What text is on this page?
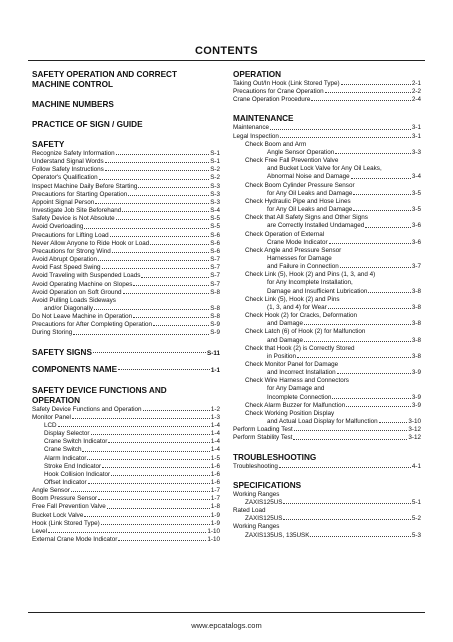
CONTENTS
SAFETY OPERATION AND CORRECT
MACHINE CONTROL
MACHINE NUMBERS
PRACTICE OF SIGN / GUIDE
SAFETY
Recognize Safety Information	S-1
Understand Signal Words	S-1
Follow Safety Instructions	S-2
Operator's Qualification	S-2
Inspect Machine Daily Before Starting	S-3
Precautions for Starting Operation	S-3
Appoint Signal Person	S-3
Investigate Job Site Beforehand	S-4
Safety Device is Not Absolute	S-5
Avoid Overloading	S-5
Precautions for Lifting Load	S-6
Never Allow Anyone to Ride Hook or Load	S-6
Precautions for Strong Wind	S-6
Avoid Abrupt Operation	S-7
Avoid Fast Speed Swing	S-7
Avoid Traveling with Suspended Loads	S-7
Avoid Operating Machine on Slopes	S-7
Avoid Operation on Soft Ground	S-8
Avoid Pulling Loads Sideways
and/or Diagonally	S-8
Do Not Leave Machine in Operation	S-8
Precautions for After Completing Operation	S-9
During Storing	S-9
SAFETY SIGNS	S-11
COMPONENTS NAME	1-1
SAFETY DEVICE FUNCTIONS AND
OPERATION
Safety Device Functions and Operation	1-2
Monitor Panel	1-3
LCD	1-4
Display Selector	1-4
Crane Switch Indicator	1-4
Crane Switch	1-4
Alarm Indicator	1-5
Stroke End Indicator	1-6
Hook Collision Indicator	1-6
Offset Indicator	1-6
Angle Sensor	1-7
Boom Pressure Sensor	1-7
Free Fall Prevention Valve	1-8
Bucket Lock Valve	1-9
Hook (Link Stored Type)	1-9
Level	1-10
External Crane Mode Indicator	1-10
OPERATION
Taking Out/In Hook (Link Stored Type)	2-1
Precautions for Crane Operation	2-2
Crane Operation Procedure	2-4
MAINTENANCE
Maintenance	3-1
Legal Inspection	3-1
Check Boom and Arm
Angle Sensor Operation	3-3
Check Free Fall Prevention Valve
and Bucket Lock Valve for Any Oil Leaks,
Abnormal Noise and Damage	3-4
Check Boom Cylinder Pressure Sensor
for Any Oil Leaks and Damage	3-5
Check Hydraulic Pipe and Hose Lines
for Any Oil Leaks and Damage	3-5
Check that All Safety Signs and Other Signs
are Correctly Installed Undamaged	3-6
Check Operation of External
Crane Mode Indicator	3-6
Check Angle and Pressure Sensor
Harnesses for Damage
and Failure in Connection	3-7
Check Link (5), Hook (2) and Pins (1, 3, and 4)
for Any Incomplete Installation,
Damage and Insufficient Lubrication	3-8
Check Link (5), Hook (2) and Pins
(1, 3, and 4) for Wear	3-8
Check Hook (2) for Cracks, Deformation
and Damage	3-8
Check Latch (6) of Hook (2) for Malfunction
and Damage	3-8
Check that Hook (2) is Correctly Stored
in Position	3-8
Check Monitor Panel for Damage
and Incorrect Installation	3-9
Check Wire Harness and Connectors
for Any Damage and
Incomplete Connection	3-9
Check Alarm Buzzer for Malfunction	3-9
Check Working Position Display
and Actual Load Display for Malfunction	3-10
Perform Loading Test	3-12
Perform Stability Test	3-12
TROUBLESHOOTING
Troubleshooting	4-1
SPECIFICATIONS
Working Ranges
ZAXIS125US	5-1
Rated Load
ZAXIS125US	5-2
Working Ranges
ZAXIS135US, 135USK	5-3
www.epcatalogs.com
